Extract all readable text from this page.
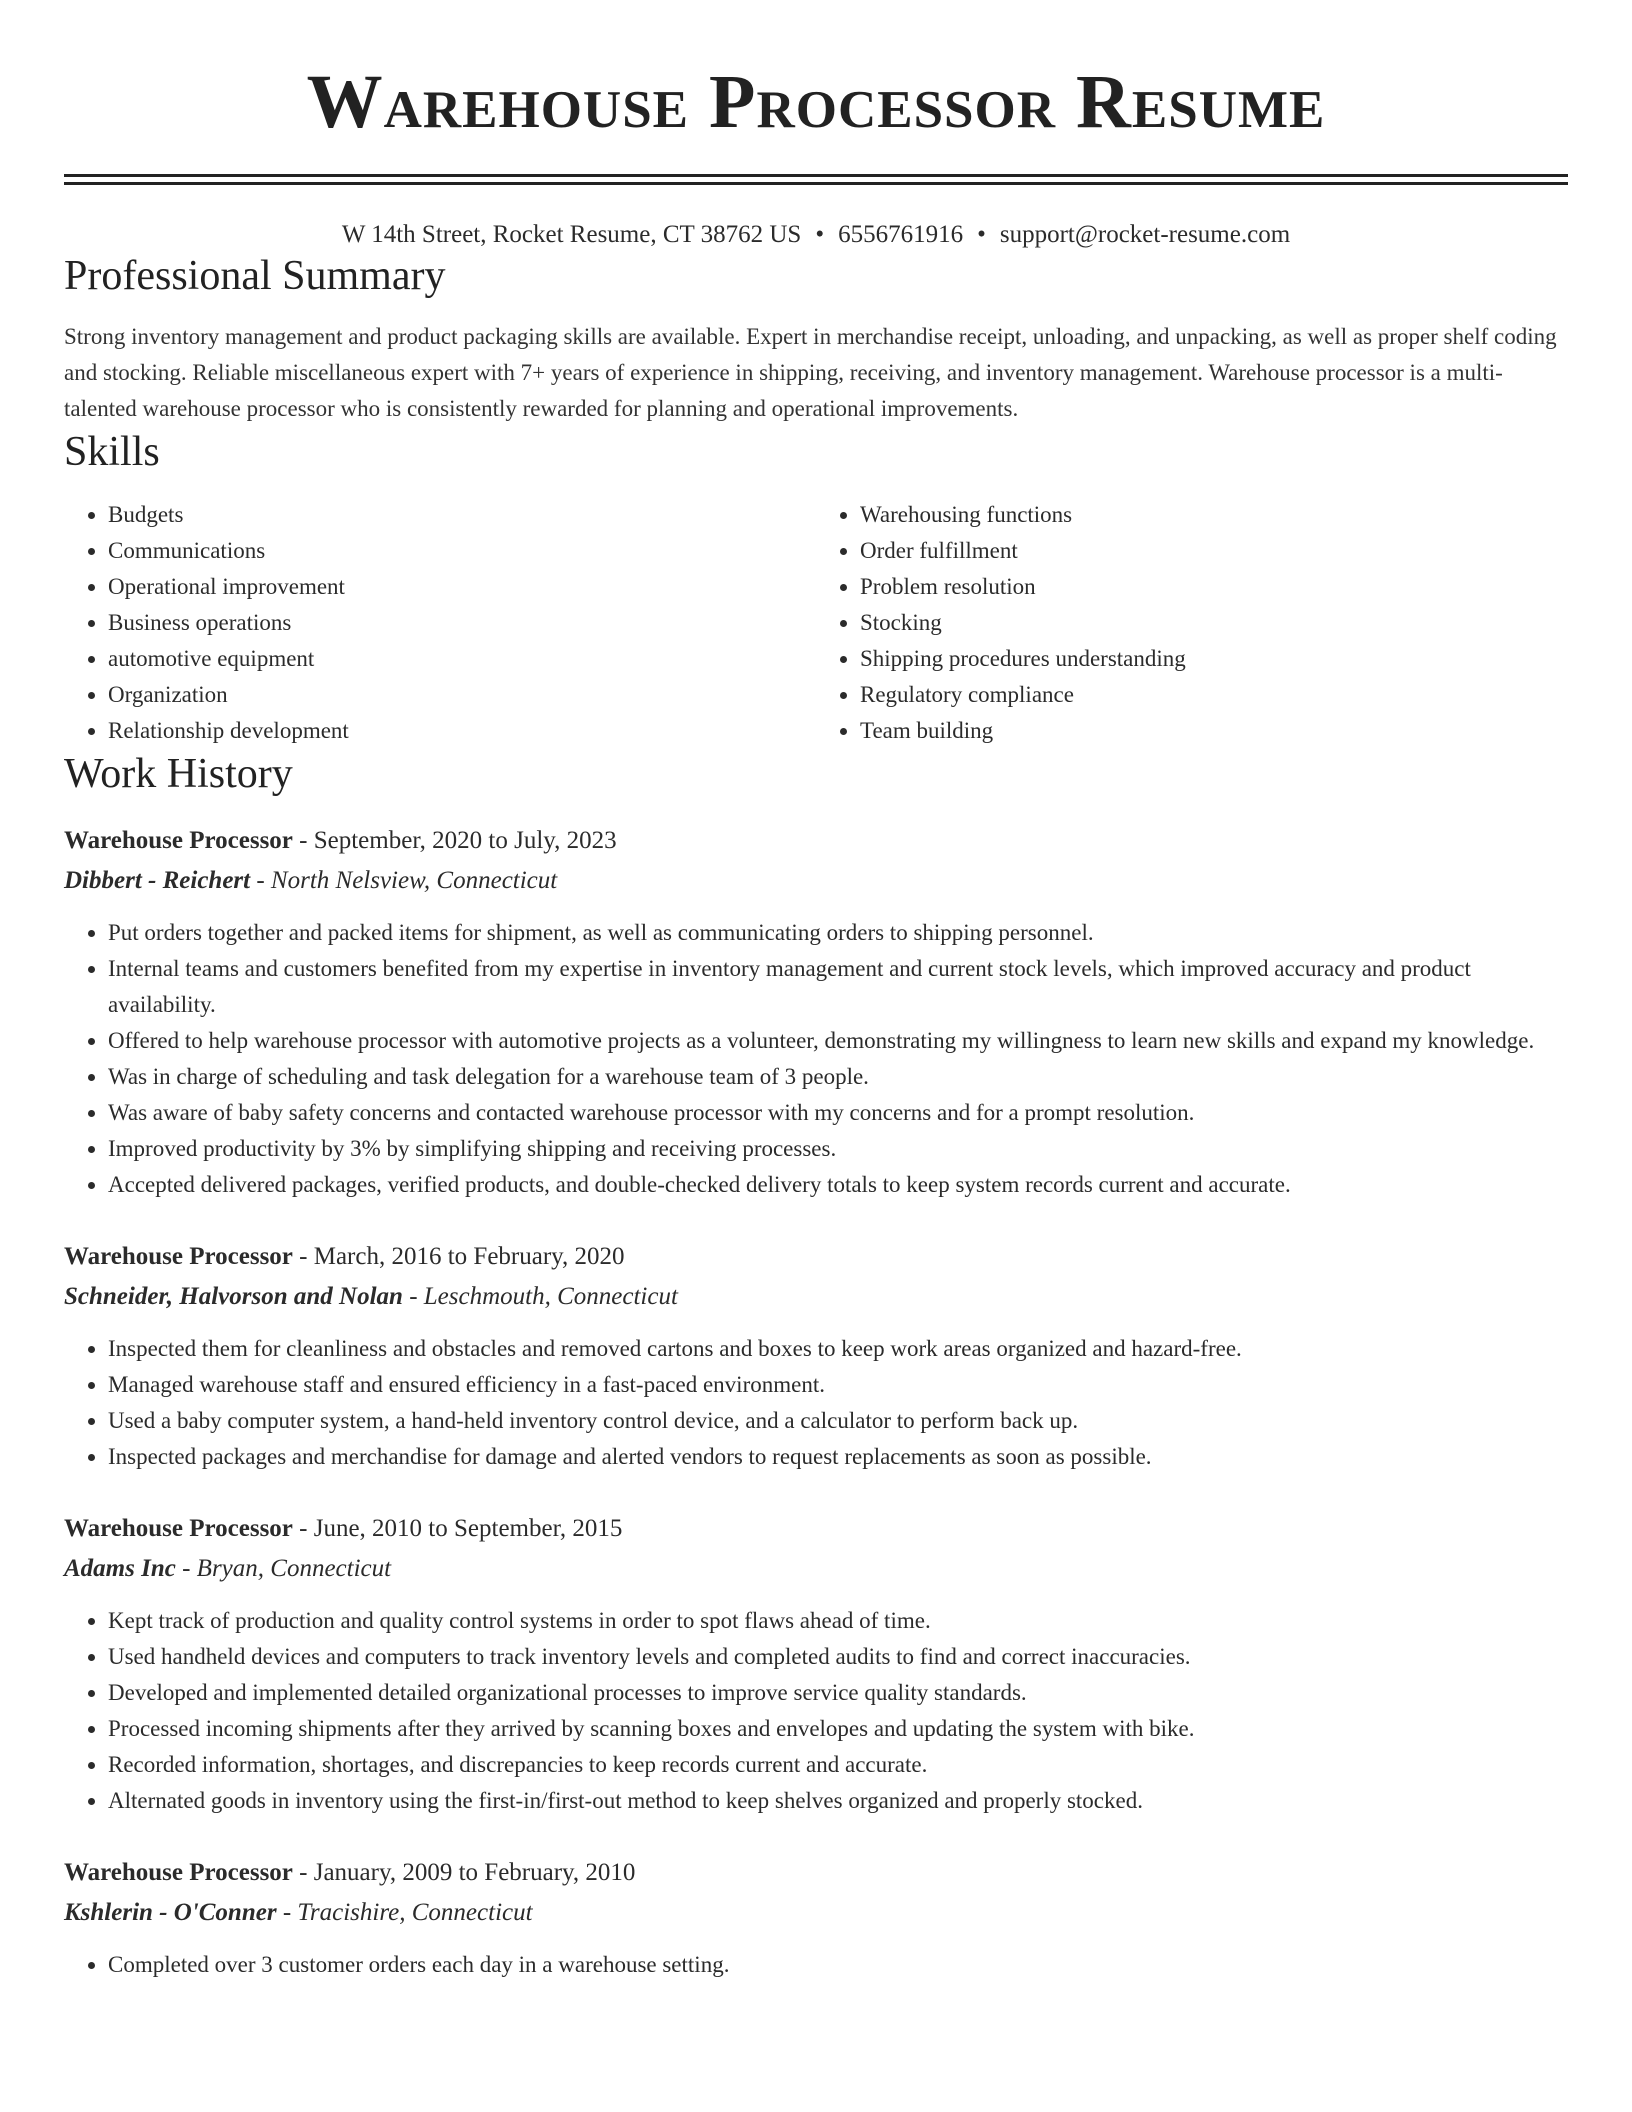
Warehouse Processor Resume
W 14th Street, Rocket Resume, CT 38762 US • 6556761916 • support@rocket-resume.com
Professional Summary
Strong inventory management and product packaging skills are available. Expert in merchandise receipt, unloading, and unpacking, as well as proper shelf coding and stocking. Reliable miscellaneous expert with 7+ years of experience in shipping, receiving, and inventory management. Warehouse processor is a multi-talented warehouse processor who is consistently rewarded for planning and operational improvements.
Skills
• Budgets
• Communications
• Operational improvement
• Business operations
• automotive equipment
• Organization
• Relationship development
• Warehousing functions
• Order fulfillment
• Problem resolution
• Stocking
• Shipping procedures understanding
• Regulatory compliance
• Team building
Work History
Warehouse Processor - September, 2020 to July, 2023
Dibbert - Reichert - North Nelsview, Connecticut
• Put orders together and packed items for shipment, as well as communicating orders to shipping personnel.
• Internal teams and customers benefited from my expertise in inventory management and current stock levels, which improved accuracy and product availability.
• Offered to help warehouse processor with automotive projects as a volunteer, demonstrating my willingness to learn new skills and expand my knowledge.
• Was in charge of scheduling and task delegation for a warehouse team of 3 people.
• Was aware of baby safety concerns and contacted warehouse processor with my concerns and for a prompt resolution.
• Improved productivity by 3% by simplifying shipping and receiving processes.
• Accepted delivered packages, verified products, and double-checked delivery totals to keep system records current and accurate.
Warehouse Processor - March, 2016 to February, 2020
Schneider, Halvorson and Nolan - Leschmouth, Connecticut
• Inspected them for cleanliness and obstacles and removed cartons and boxes to keep work areas organized and hazard-free.
• Managed warehouse staff and ensured efficiency in a fast-paced environment.
• Used a baby computer system, a hand-held inventory control device, and a calculator to perform back up.
• Inspected packages and merchandise for damage and alerted vendors to request replacements as soon as possible.
Warehouse Processor - June, 2010 to September, 2015
Adams Inc - Bryan, Connecticut
• Kept track of production and quality control systems in order to spot flaws ahead of time.
• Used handheld devices and computers to track inventory levels and completed audits to find and correct inaccuracies.
• Developed and implemented detailed organizational processes to improve service quality standards.
• Processed incoming shipments after they arrived by scanning boxes and envelopes and updating the system with bike.
• Recorded information, shortages, and discrepancies to keep records current and accurate.
• Alternated goods in inventory using the first-in/first-out method to keep shelves organized and properly stocked.
Warehouse Processor - January, 2009 to February, 2010
Kshlerin - O'Conner - Tracishire, Connecticut
• Completed over 3 customer orders each day in a warehouse setting.
